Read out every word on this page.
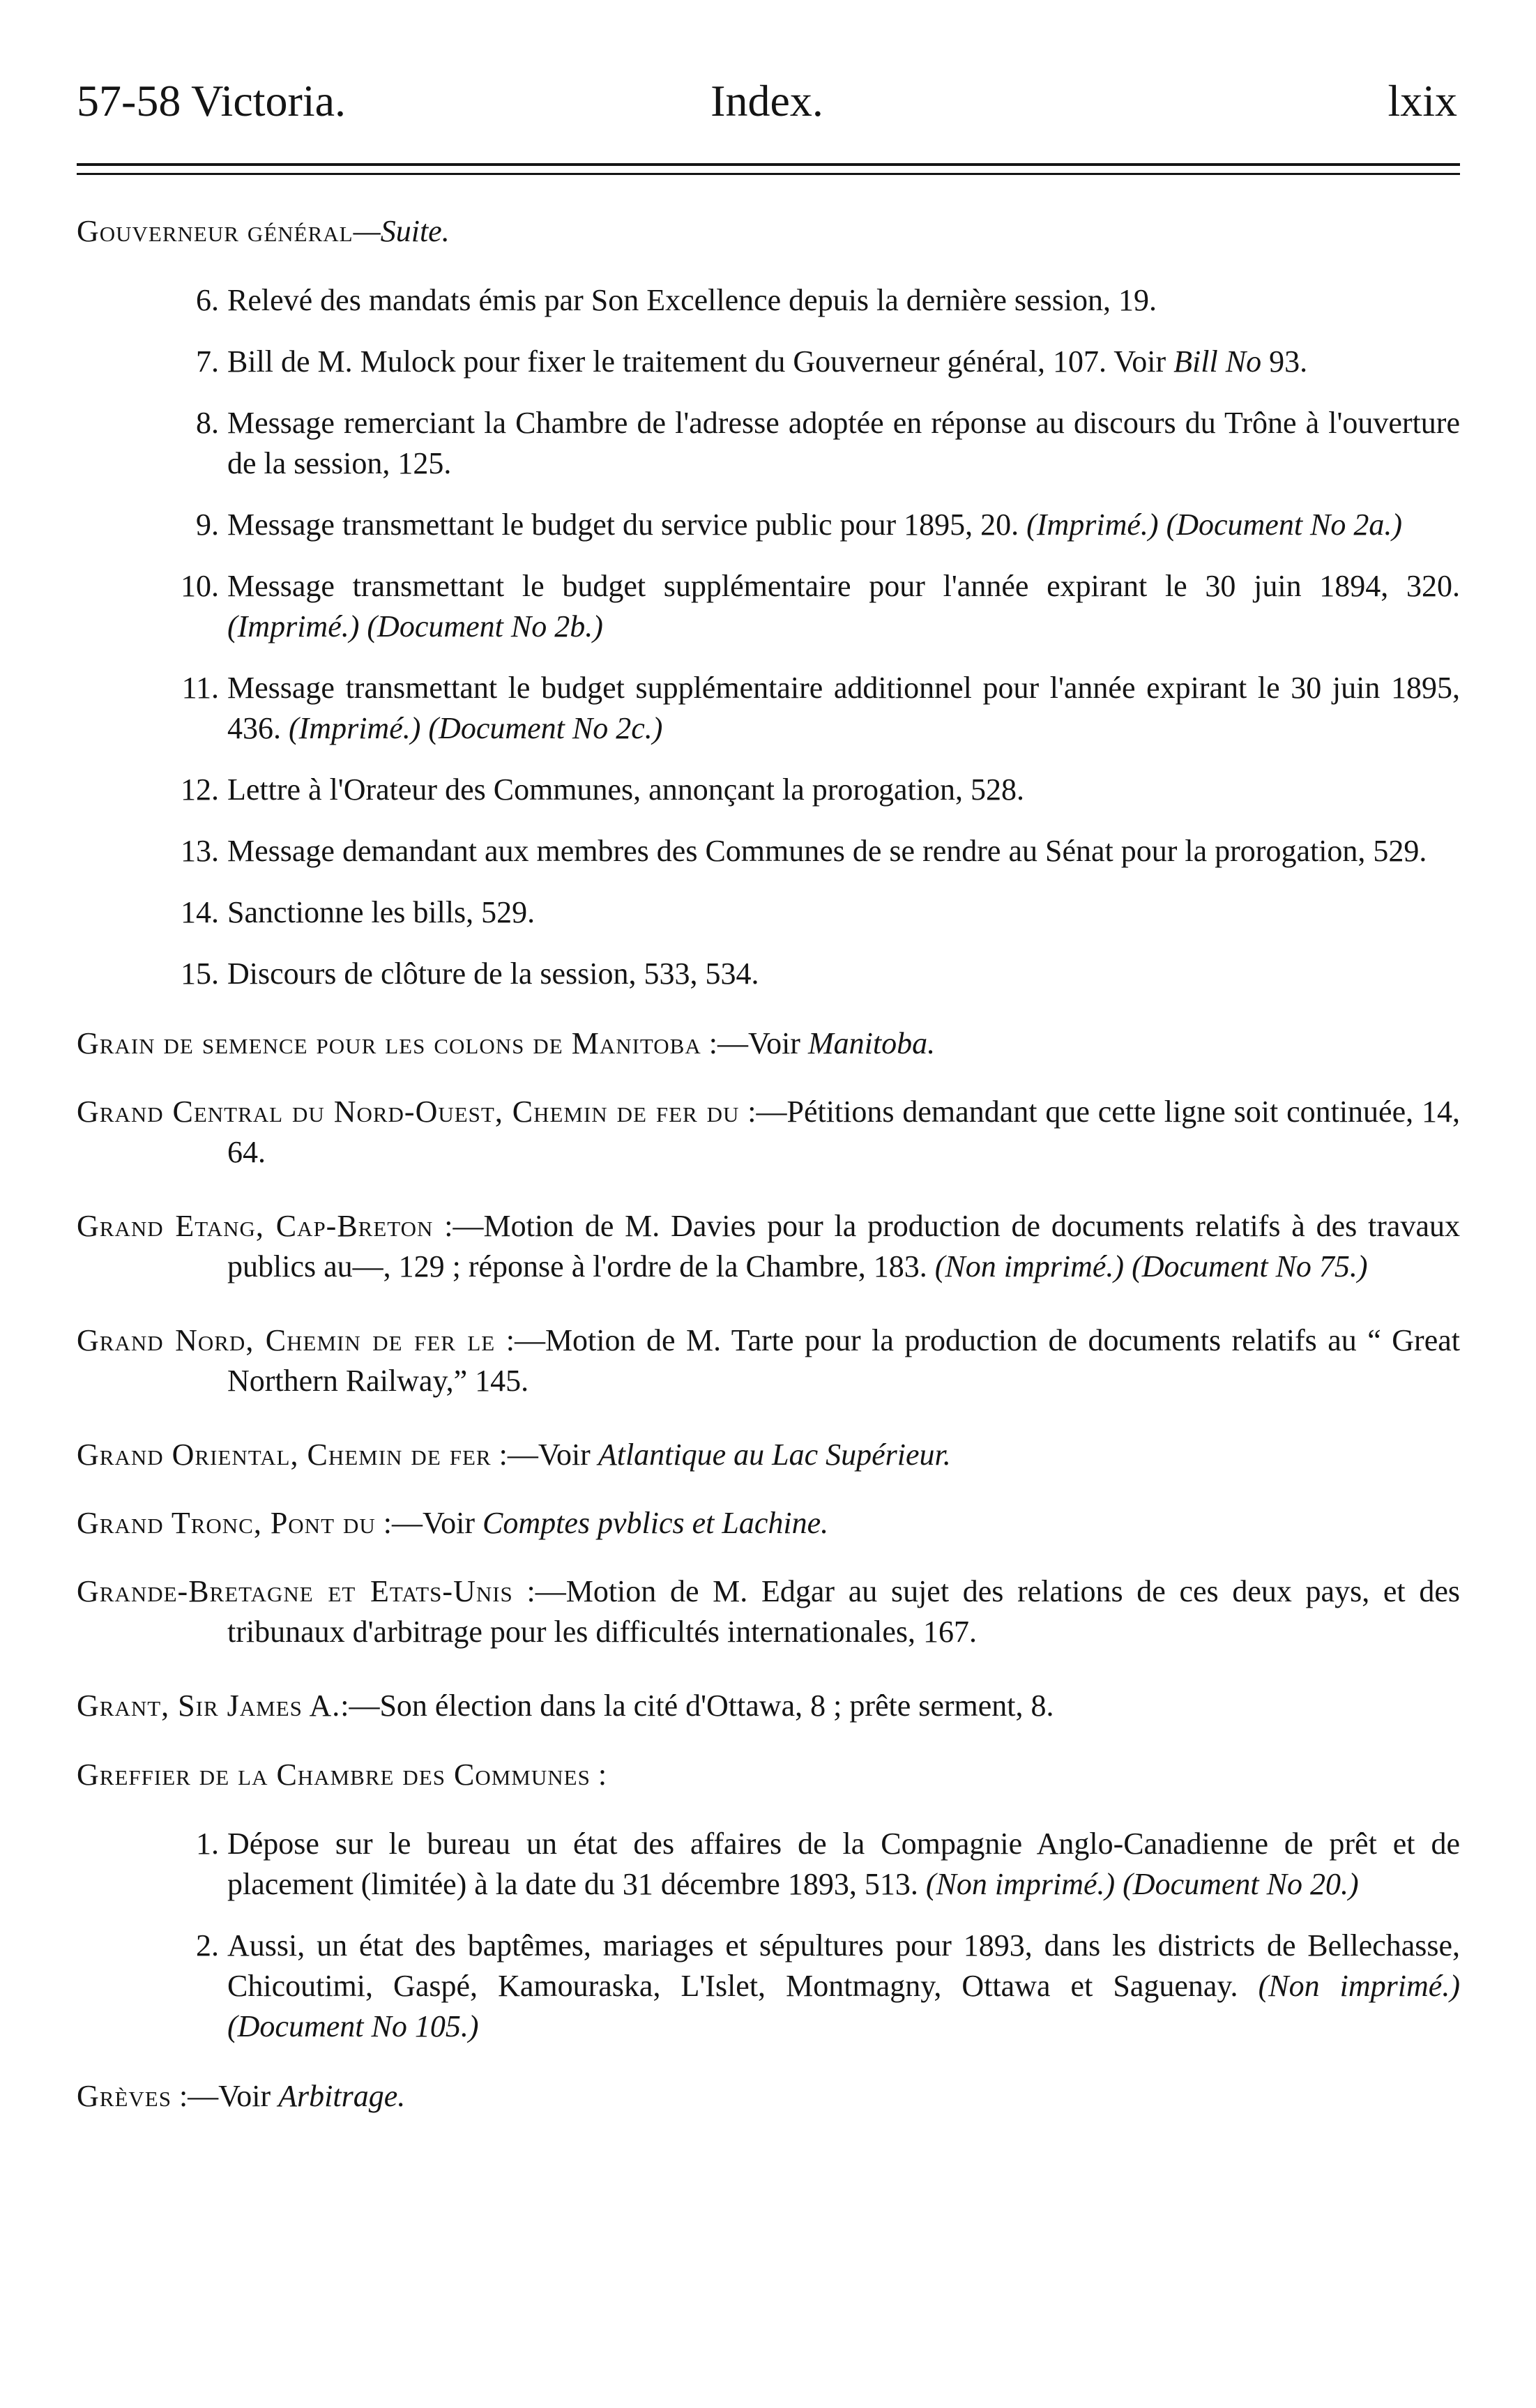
57-58 Victoria.	Index.	lxix
Gouverneur général—Suite.
6. Relevé des mandats émis par Son Excellence depuis la dernière session, 19.
7. Bill de M. Mulock pour fixer le traitement du Gouverneur général, 107. Voir Bill No 93.
8. Message remerciant la Chambre de l'adresse adoptée en réponse au discours du Trône à l'ouverture de la session, 125.
9. Message transmettant le budget du service public pour 1895, 20. (Imprimé.) (Document No 2a.)
10. Message transmettant le budget supplémentaire pour l'année expirant le 30 juin 1894, 320. (Imprimé.) (Document No 2b.)
11. Message transmettant le budget supplémentaire additionnel pour l'année expirant le 30 juin 1895, 436. (Imprimé.) (Document No 2c.)
12. Lettre à l'Orateur des Communes, annonçant la prorogation, 528.
13. Message demandant aux membres des Communes de se rendre au Sénat pour la prorogation, 529.
14. Sanctionne les bills, 529.
15. Discours de clôture de la session, 533, 534.
Grain de semence pour les colons de Manitoba :—Voir Manitoba.
Grand Central du Nord-Ouest, Chemin de fer du :—Pétitions demandant que cette ligne soit continuée, 14, 64.
Grand Etang, Cap-Breton :—Motion de M. Davies pour la production de documents relatifs à des travaux publics au—, 129 ; réponse à l'ordre de la Chambre, 183. (Non imprimé.) (Document No 75.)
Grand Nord, Chemin de fer le :—Motion de M. Tarte pour la production de documents relatifs au “ Great Northern Railway,” 145.
Grand Oriental, Chemin de fer :—Voir Atlantique au Lac Supérieur.
Grand Tronc, Pont du :—Voir Comptes pvblics et Lachine.
Grande-Bretagne et Etats-Unis :—Motion de M. Edgar au sujet des relations de ces deux pays, et des tribunaux d'arbitrage pour les difficultés internationales, 167.
Grant, Sir James A.:—Son élection dans la cité d'Ottawa, 8 ; prête serment, 8.
Greffier de la Chambre des Communes :
1. Dépose sur le bureau un état des affaires de la Compagnie Anglo-Canadienne de prêt et de placement (limitée) à la date du 31 décembre 1893, 513. (Non imprimé.) (Document No 20.)
2. Aussi, un état des baptêmes, mariages et sépultures pour 1893, dans les districts de Bellechasse, Chicoutimi, Gaspé, Kamouraska, L'Islet, Montmagny, Ottawa et Saguenay. (Non imprimé.) (Document No 105.)
Grèves :—Voir Arbitrage.
